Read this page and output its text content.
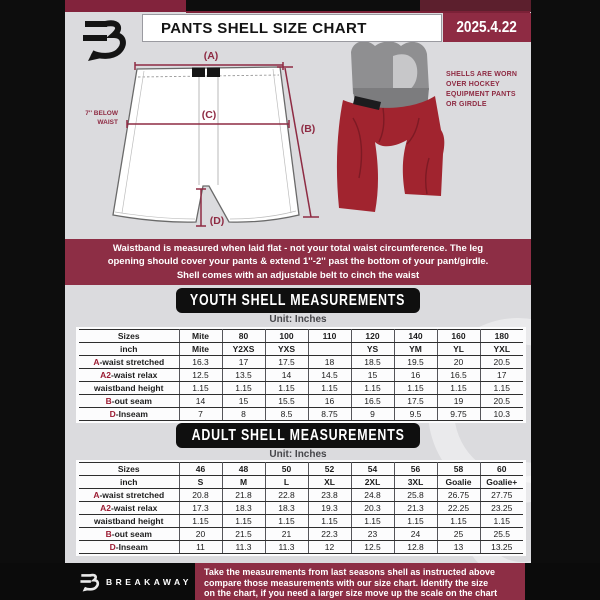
PANTS SHELL SIZE CHART	2025.4.22
(A)
(B)
(C)
(D)
7'' BELOW
WAIST
SHELLS ARE WORN
OVER HOCKEY
EQUIPMENT PANTS
OR GIRDLE
Waistband is measured when laid flat - not your total waist circumference. The leg
opening should cover your pants & extend 1''-2'' past the bottom of your pant/girdle.
Shell comes with an adjustable belt to cinch the waist
YOUTH SHELL MEASUREMENTS
Unit: Inches
Sizes	Mite	80	100	110	120	140	160	180
inch	Mite	Y2XS	YXS		YS	YM	YL	YXL
A-waist stretched	16.3	17	17.5	18	18.5	19.5	20	20.5
A2-waist relax	12.5	13.5	14	14.5	15	16	16.5	17
waistband height	1.15	1.15	1.15	1.15	1.15	1.15	1.15	1.15
B-out seam	14	15	15.5	16	16.5	17.5	19	20.5
D-Inseam	7	8	8.5	8.75	9	9.5	9.75	10.3
ADULT SHELL MEASUREMENTS
Unit: Inches
Sizes	46	48	50	52	54	56	58	60
inch	S	M	L	XL	2XL	3XL	Goalie	Goalie+
A-waist stretched	20.8	21.8	22.8	23.8	24.8	25.8	26.75	27.75
A2-waist relax	17.3	18.3	18.3	19.3	20.3	21.3	22.25	23.25
waistband height	1.15	1.15	1.15	1.15	1.15	1.15	1.15	1.15
B-out seam	20	21.5	21	22.3	23	24	25	25.5
D-Inseam	11	11.3	11.3	12	12.5	12.8	13	13.25
BREAKAWAY
Take the measurements from last seasons shell as instructed above
compare those measurements with our size chart. Identify the size
on the chart, if you need a larger size move up the scale on the chart
